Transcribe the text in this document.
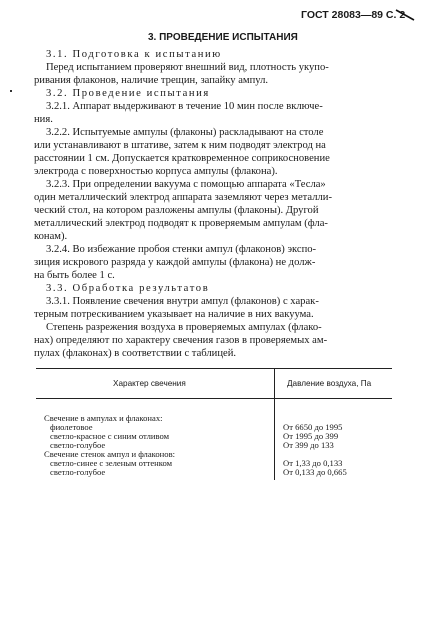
ГОСТ 28083—89 С. 2
3. ПРОВЕДЕНИЕ ИСПЫТАНИЯ
3.1. Подготовка к испытанию
Перед испытанием проверяют внешний вид, плотность укупо-
ривания флаконов, наличие трещин, запайку ампул.
3.2. Проведение испытания
3.2.1. Аппарат выдерживают в течение 10 мин после включе-
ния.
3.2.2. Испытуемые ампулы (флаконы) раскладывают на столе
или устанавливают в штативе, затем к ним подводят электрод на
расстоянии 1 см. Допускается кратковременное соприкосновение
электрода с поверхностью корпуса ампулы (флакона).
3.2.3. При определении вакуума с помощью аппарата «Тесла»
один металлический электрод аппарата заземляют через металли-
ческий стол, на котором разложены ампулы (флаконы). Другой
металлический электрод подводят к проверяемым ампулам (фла-
конам).
3.2.4. Во избежание пробоя стенки ампул (флаконов) экспо-
зиция искрового разряда у каждой ампулы (флакона) не долж-
на быть более 1 с.
3.3. Обработка результатов
3.3.1. Появление свечения внутри ампул (флаконов) с харак-
терным потрескиванием указывает на наличие в них вакуума.
Степень разрежения воздуха в проверяемых ампулах (флако-
нах) определяют по характеру свечения газов в проверяемых ам-
пулах (флаконах) в соответствии с таблицей.
Характер свечения	Давление воздуха, Па
Свечение в ампулах и флаконах:
фиолетовое	От 6650 до 1995
светло-красное с синим отливом	От 1995 до 399
светло-голубое	От 399 до 133
Свечение стенок ампул и флаконов:
светло-синее с зеленым оттенком	От 1,33 до 0,133
светло-голубое	От 0,133 до 0,665
